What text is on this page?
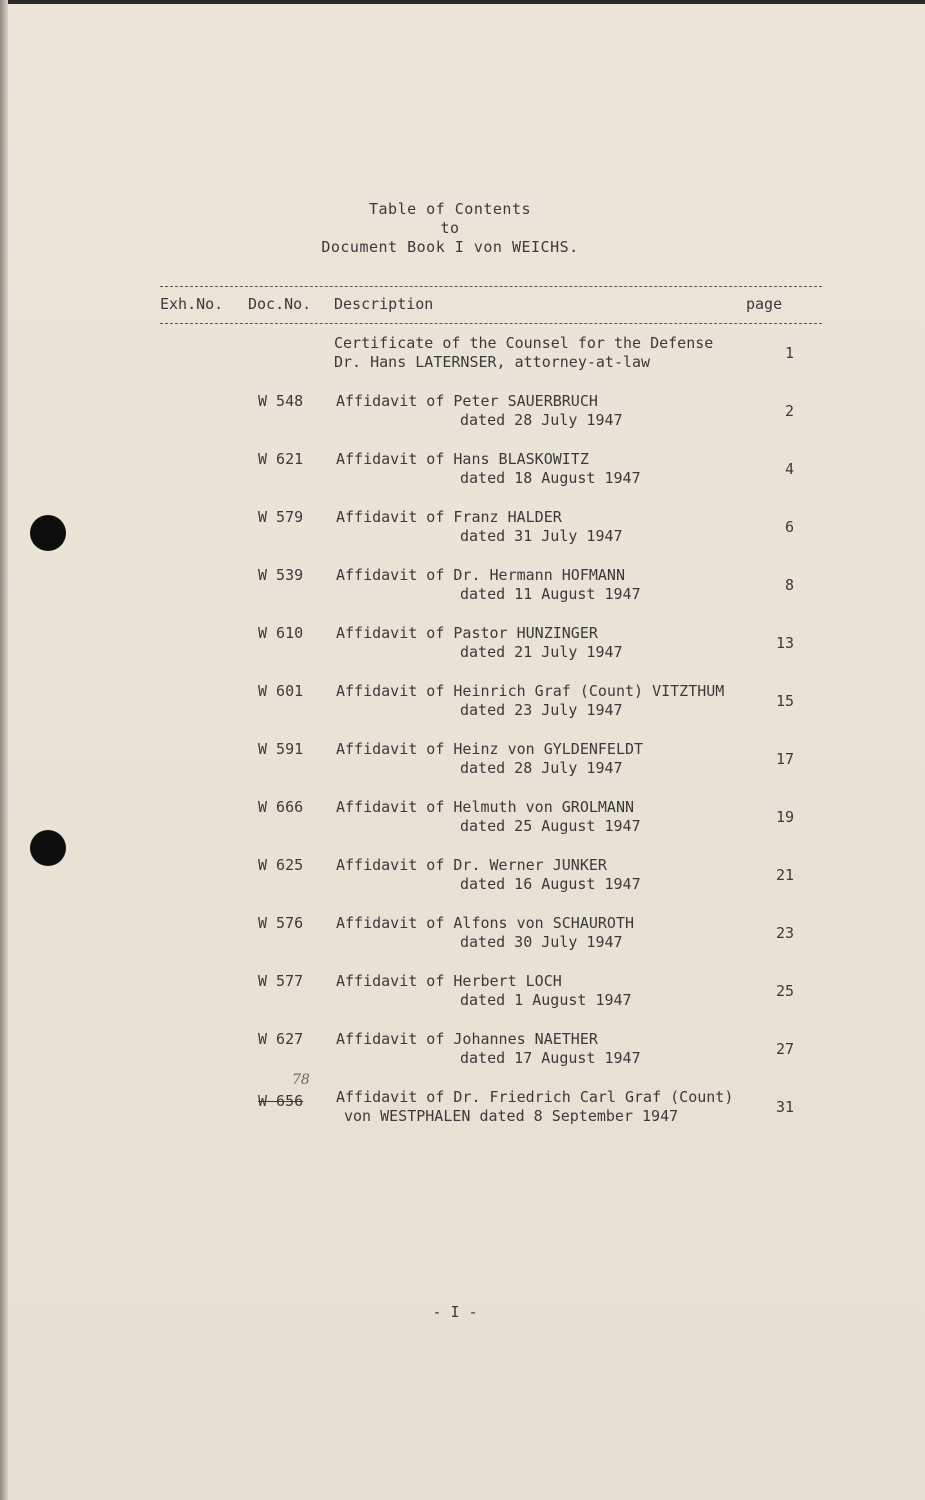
Table of Contents
to
Document Book I von WEICHS.
Exh.No. Doc.No. Description	page
Certificate of the Counsel for the Defense
Dr. Hans LATERNSER, attorney-at-law	1
W 548 Affidavit of Peter SAUERBRUCH
dated 28 July 1947	2
W 621 Affidavit of Hans BLASKOWITZ
dated 18 August 1947	4
W 579 Affidavit of Franz HALDER
dated 31 July 1947	6
W 539 Affidavit of Dr. Hermann HOFMANN
dated 11 August 1947	8
W 610 Affidavit of Pastor HUNZINGER
dated 21 July 1947	13
W 601 Affidavit of Heinrich Graf (Count) VITZTHUM
dated 23 July 1947	15
W 591 Affidavit of Heinz von GYLDENFELDT
dated 28 July 1947	17
W 666 Affidavit of Helmuth von GROLMANN
dated 25 August 1947	19
W 625 Affidavit of Dr. Werner JUNKER
dated 16 August 1947	21
W 576 Affidavit of Alfons von SCHAUROTH
dated 30 July 1947	23
W 577 Affidavit of Herbert LOCH
dated 1 August 1947	25
W 627 Affidavit of Johannes NAETHER
dated 17 August 1947	27
78
W 656 Affidavit of Dr. Friedrich Carl Graf (Count)
von WESTPHALEN dated 8 September 1947	31
- I -
